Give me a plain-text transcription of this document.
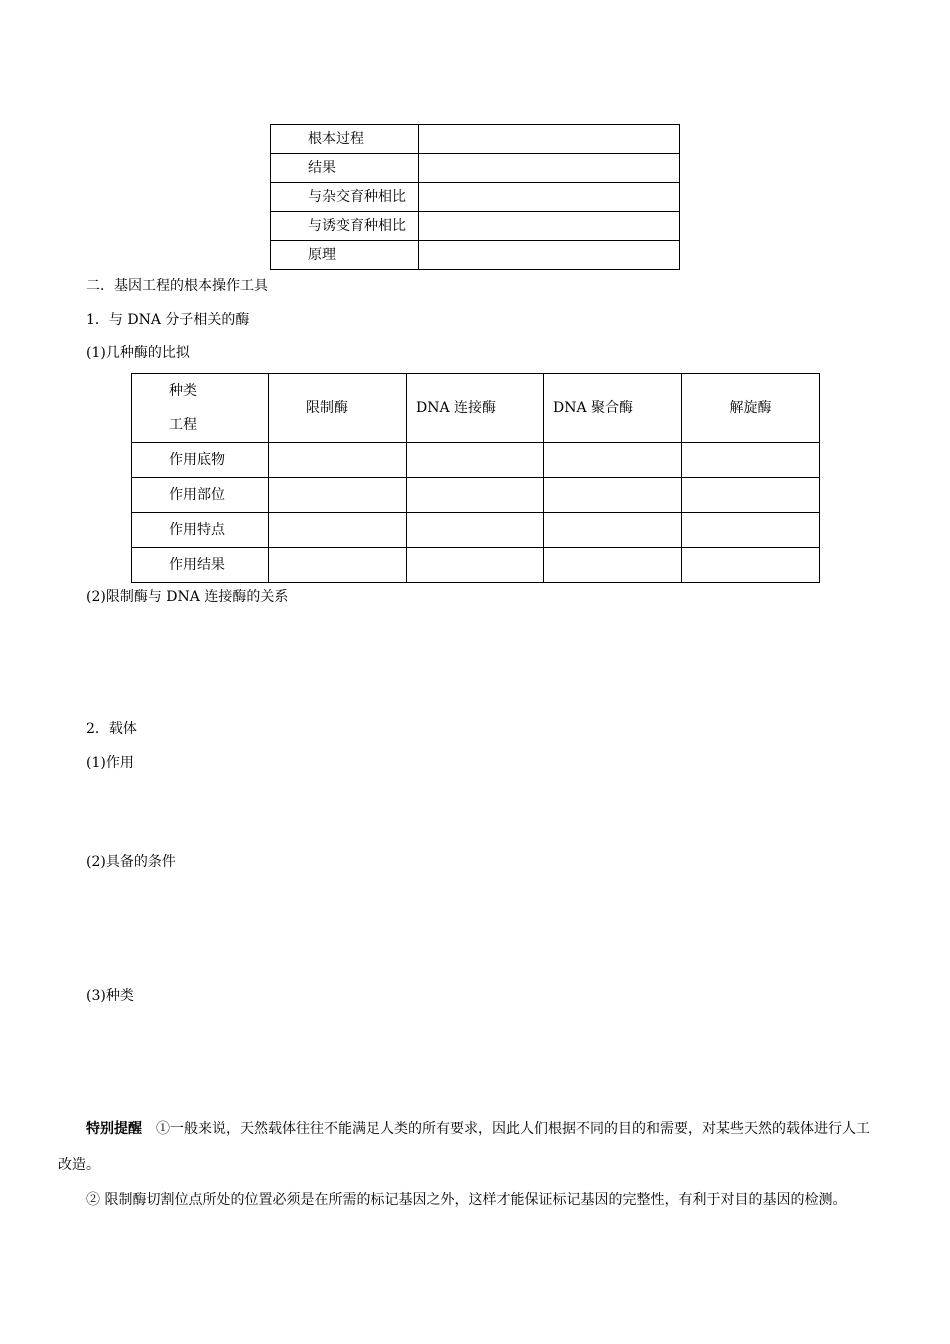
根本过程	
结果	
与杂交育种相比	
与诱变育种相比	
原理	
二．基因工程的根本操作工具
1．与 DNA 分子相关的酶
(1)几种酶的比拟
种类
工程	限制酶	DNA 连接酶	DNA 聚合酶	解旋酶
作用底物				
作用部位				
作用特点				
作用结果				
(2)限制酶与 DNA 连接酶的关系
2．载体
(1)作用
(2)具备的条件
(3)种类
特别提醒 ①一般来说，天然载体往往不能满足人类的所有要求，因此人们根据不同的目的和需要，对某些天然的载体进行人工
改造。
② 限制酶切割位点所处的位置必须是在所需的标记基因之外，这样才能保证标记基因的完整性，有利于对目的基因的检测。
